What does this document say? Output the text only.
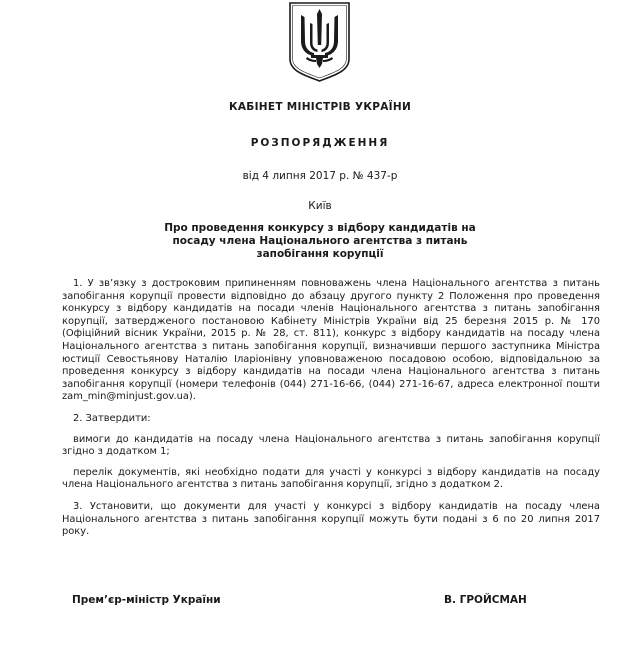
КАБІНЕТ МІНІСТРІВ УКРАЇНИ
РОЗПОРЯДЖЕННЯ
від 4 липня 2017 р. № 437-р
Київ
Про проведення конкурсу з відбору кандидатів на посаду члена Національного агентства з питань запобігання корупції

1. У зв’язку з достроковим припиненням повноважень члена Національного агентства з питань запобігання корупції провести відповідно до абзацу другого пункту 2 Положення про проведення конкурсу з відбору кандидатів на посади членів Національного агентства з питань запобігання корупції, затвердженого постановою Кабінету Міністрів України від 25 березня 2015 р. № 170 (Офіційний вісник України, 2015 р. № 28, ст. 811), конкурс з відбору кандидатів на посаду члена Національного агентства з питань запобігання корупції, визначивши першого заступника Міністра юстиції Севостьянову Наталію Іларіонівну уповноваженою посадовою особою, відповідальною за проведення конкурсу з відбору кандидатів на посади члена Національного агентства з питань запобігання корупції (номери телефонів (044) 271-16-66, (044) 271-16-67, адреса електронної пошти zam_min@minjust.gov.ua).

2. Затвердити:

вимоги до кандидатів на посаду члена Національного агентства з питань запобігання корупції згідно з додатком 1;

перелік документів, які необхідно подати для участі у конкурсі з відбору кандидатів на посаду члена Національного агентства з питань запобігання корупції, згідно з додатком 2.

3. Установити, що документи для участі у конкурсі з відбору кандидатів на посаду члена Національного агентства з питань запобігання корупції можуть бути подані з 6 по 20 липня 2017 року.

Прем’єр-міністр України	В. ГРОЙСМАН
